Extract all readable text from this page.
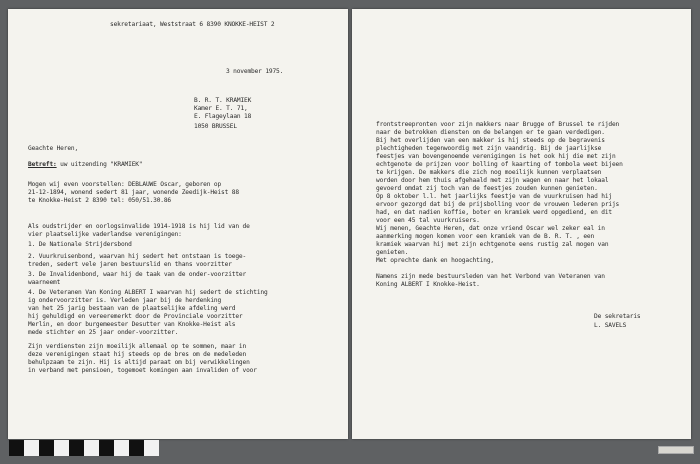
sekretariaat, Weststraat 6 8390 KNOKKE-HEIST 2
3 november 1975.
B. R. T. KRAMIEK
Kamer E. T. 71,
E. Flageylaan 18
1050 BRUSSEL
Geachte Heren,
Betreft: uw uitzending "KRAMIEK"
Mogen wij even voorstellen: DEBLAUWE Oscar, geboren op
21-12-1894, wonend sedert 81 jaar, wonende Zeedijk-Heist 88
te Knokke-Heist 2 8390 tel: 050/51.30.86
Als oudstrijder en oorlogsinvalide 1914-1918 is hij lid van de
vier plaatselijke vaderlandse verenigingen:
1. De Nationale Strijdersbond
2. Vuurkruisenbond, waarvan hij sedert het ontstaan is toege-
treden, sedert vele jaren bestuurslid en thans voorzitter
3. De Invalidenbond, waar hij de taak van de onder-voorzitter
waarneemt
4. De Veteranen Van Koning ALBERT I waarvan hij sedert de stichting
ig ondervoorzitter is. Verleden jaar bij de herdenking
van het 25 jarig bestaan van de plaatselijke afdeling werd
hij gehuldigd en vereeremerkt door de Provinciale voorzitter
Merlin, en door burgemeester Desutter van Knokke-Heist als
mede stichter en 25 jaar onder-voorzitter.
Zijn verdiensten zijn moeilijk allemaal op te sommen, maar in
deze verenigingen staat hij steeds op de bres om de medeleden
behulpzaam te zijn. Hij is altijd paraat om bij verwikkelingen
in verband met pensioen, togemoet komingen aan invaliden of voor
frontstreepronten voor zijn makkers naar Brugge of Brussel te rijden
naar de betrokken diensten om de belangen er te gaan verdedigen.
Bij het overlijden van een makker is hij steeds op de begravenis
plechtigheden tegenwoordig met zijn vaandrig. Bij de jaarlijkse
feestjes van bovengenoemde verenigingen is het ook hij die met zijn
echtgenote de prijzen voor bolling of kaarting of tombola weet bijeen
te krijgen. De makkers die zich nog moeilijk kunnen verplaatsen
worden door hem thuis afgehaald met zijn wagen en naar het lokaal
gevoerd omdat zij toch van de feestjes zouden kunnen genieten.
Op 8 oktober l.l. het jaarlijks feestje van de vuurkruisen had hij
ervoor gezorgd dat bij de prijsbolling voor de vrouwen lederen prijs
had, en dat nadien koffie, boter en kramiek werd opgediend, en dit
voor een 45 tal vuurkruisers.
Wij menen, Geachte Heren, dat onze vriend Oscar wel zeker eal in
aanmerking mogen komen voor een kramiek van de B. R. T. , een
kramiek waarvan hij met zijn echtgenote eens rustig zal mogen van
genieten.
Met oprechte dank en hoogachting,
Namens zijn mede bestuursleden van het Verbond van Veteranen van
Koning ALBERT I Knokke-Heist.
De sekretaris
L. SAVELS
